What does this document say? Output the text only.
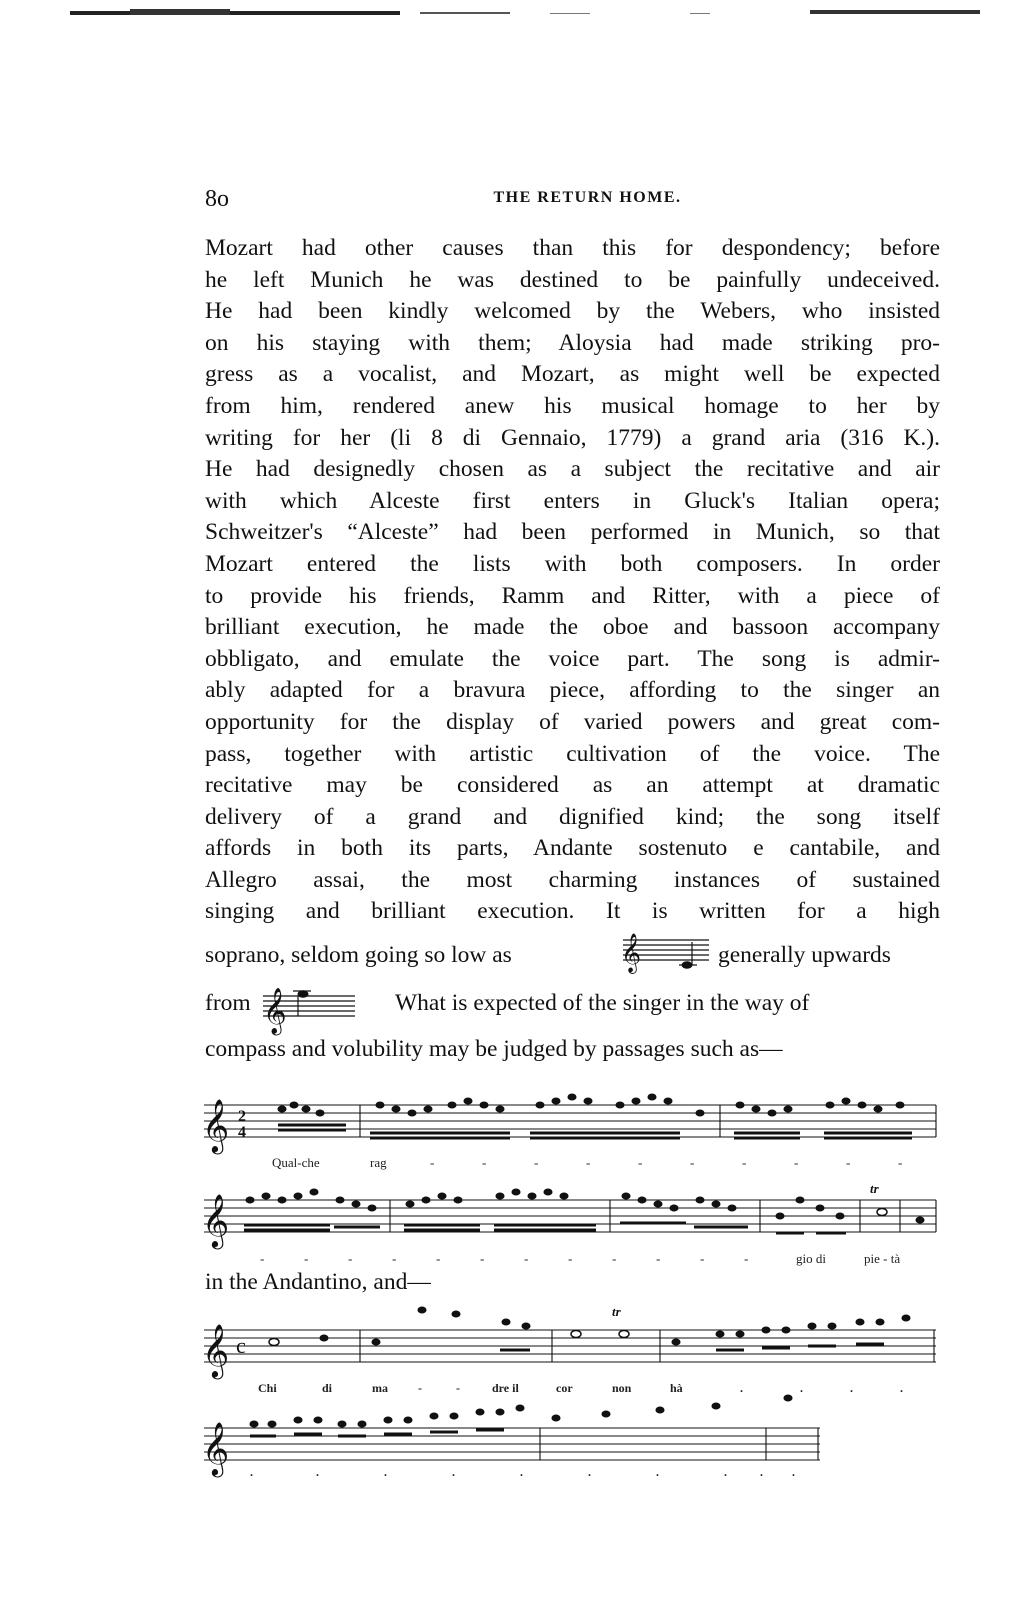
8o	THE RETURN HOME.
Mozart had other causes than this for despondency; before
he left Munich he was destined to be painfully undeceived.
He had been kindly welcomed by the Webers, who insisted
on his staying with them; Aloysia had made striking pro-
gress as a vocalist, and Mozart, as might well be expected
from him, rendered anew his musical homage to her by
writing for her (li 8 di Gennaio, 1779) a grand aria (316 K.).
He had designedly chosen as a subject the recitative and air
with which Alceste first enters in Gluck's Italian opera;
Schweitzer's “Alceste” had been performed in Munich, so that
Mozart entered the lists with both composers. In order
to provide his friends, Ramm and Ritter, with a piece of
brilliant execution, he made the oboe and bassoon accompany
obbligato, and emulate the voice part. The song is admir-
ably adapted for a bravura piece, affording to the singer an
opportunity for the display of varied powers and great com-
pass, together with artistic cultivation of the voice. The
recitative may be considered as an attempt at dramatic
delivery of a grand and dignified kind; the song itself
affords in both its parts, Andante sostenuto e cantabile, and
Allegro assai, the most charming instances of sustained
singing and brilliant execution. It is written for a high
soprano, seldom going so low as	𝄞	generally upwards
from 𝄞	What is expected of the singer in the way of
compass and volubility may be judged by passages such as—
𝄞 2
4
Qual-che	rag	-	-	-	-	-	-	-	-	-	-
𝄞
tr
-	-	-	-	-	-	-	-	-	-	-	-	gio di	pie - tà
in the Andantino, and—
𝄞 c
tr
Chi	di	ma	-	-	dre il	cor	non	hà	.	.	.	.
𝄞 .	.	.	.	.	.	.	.	. .
